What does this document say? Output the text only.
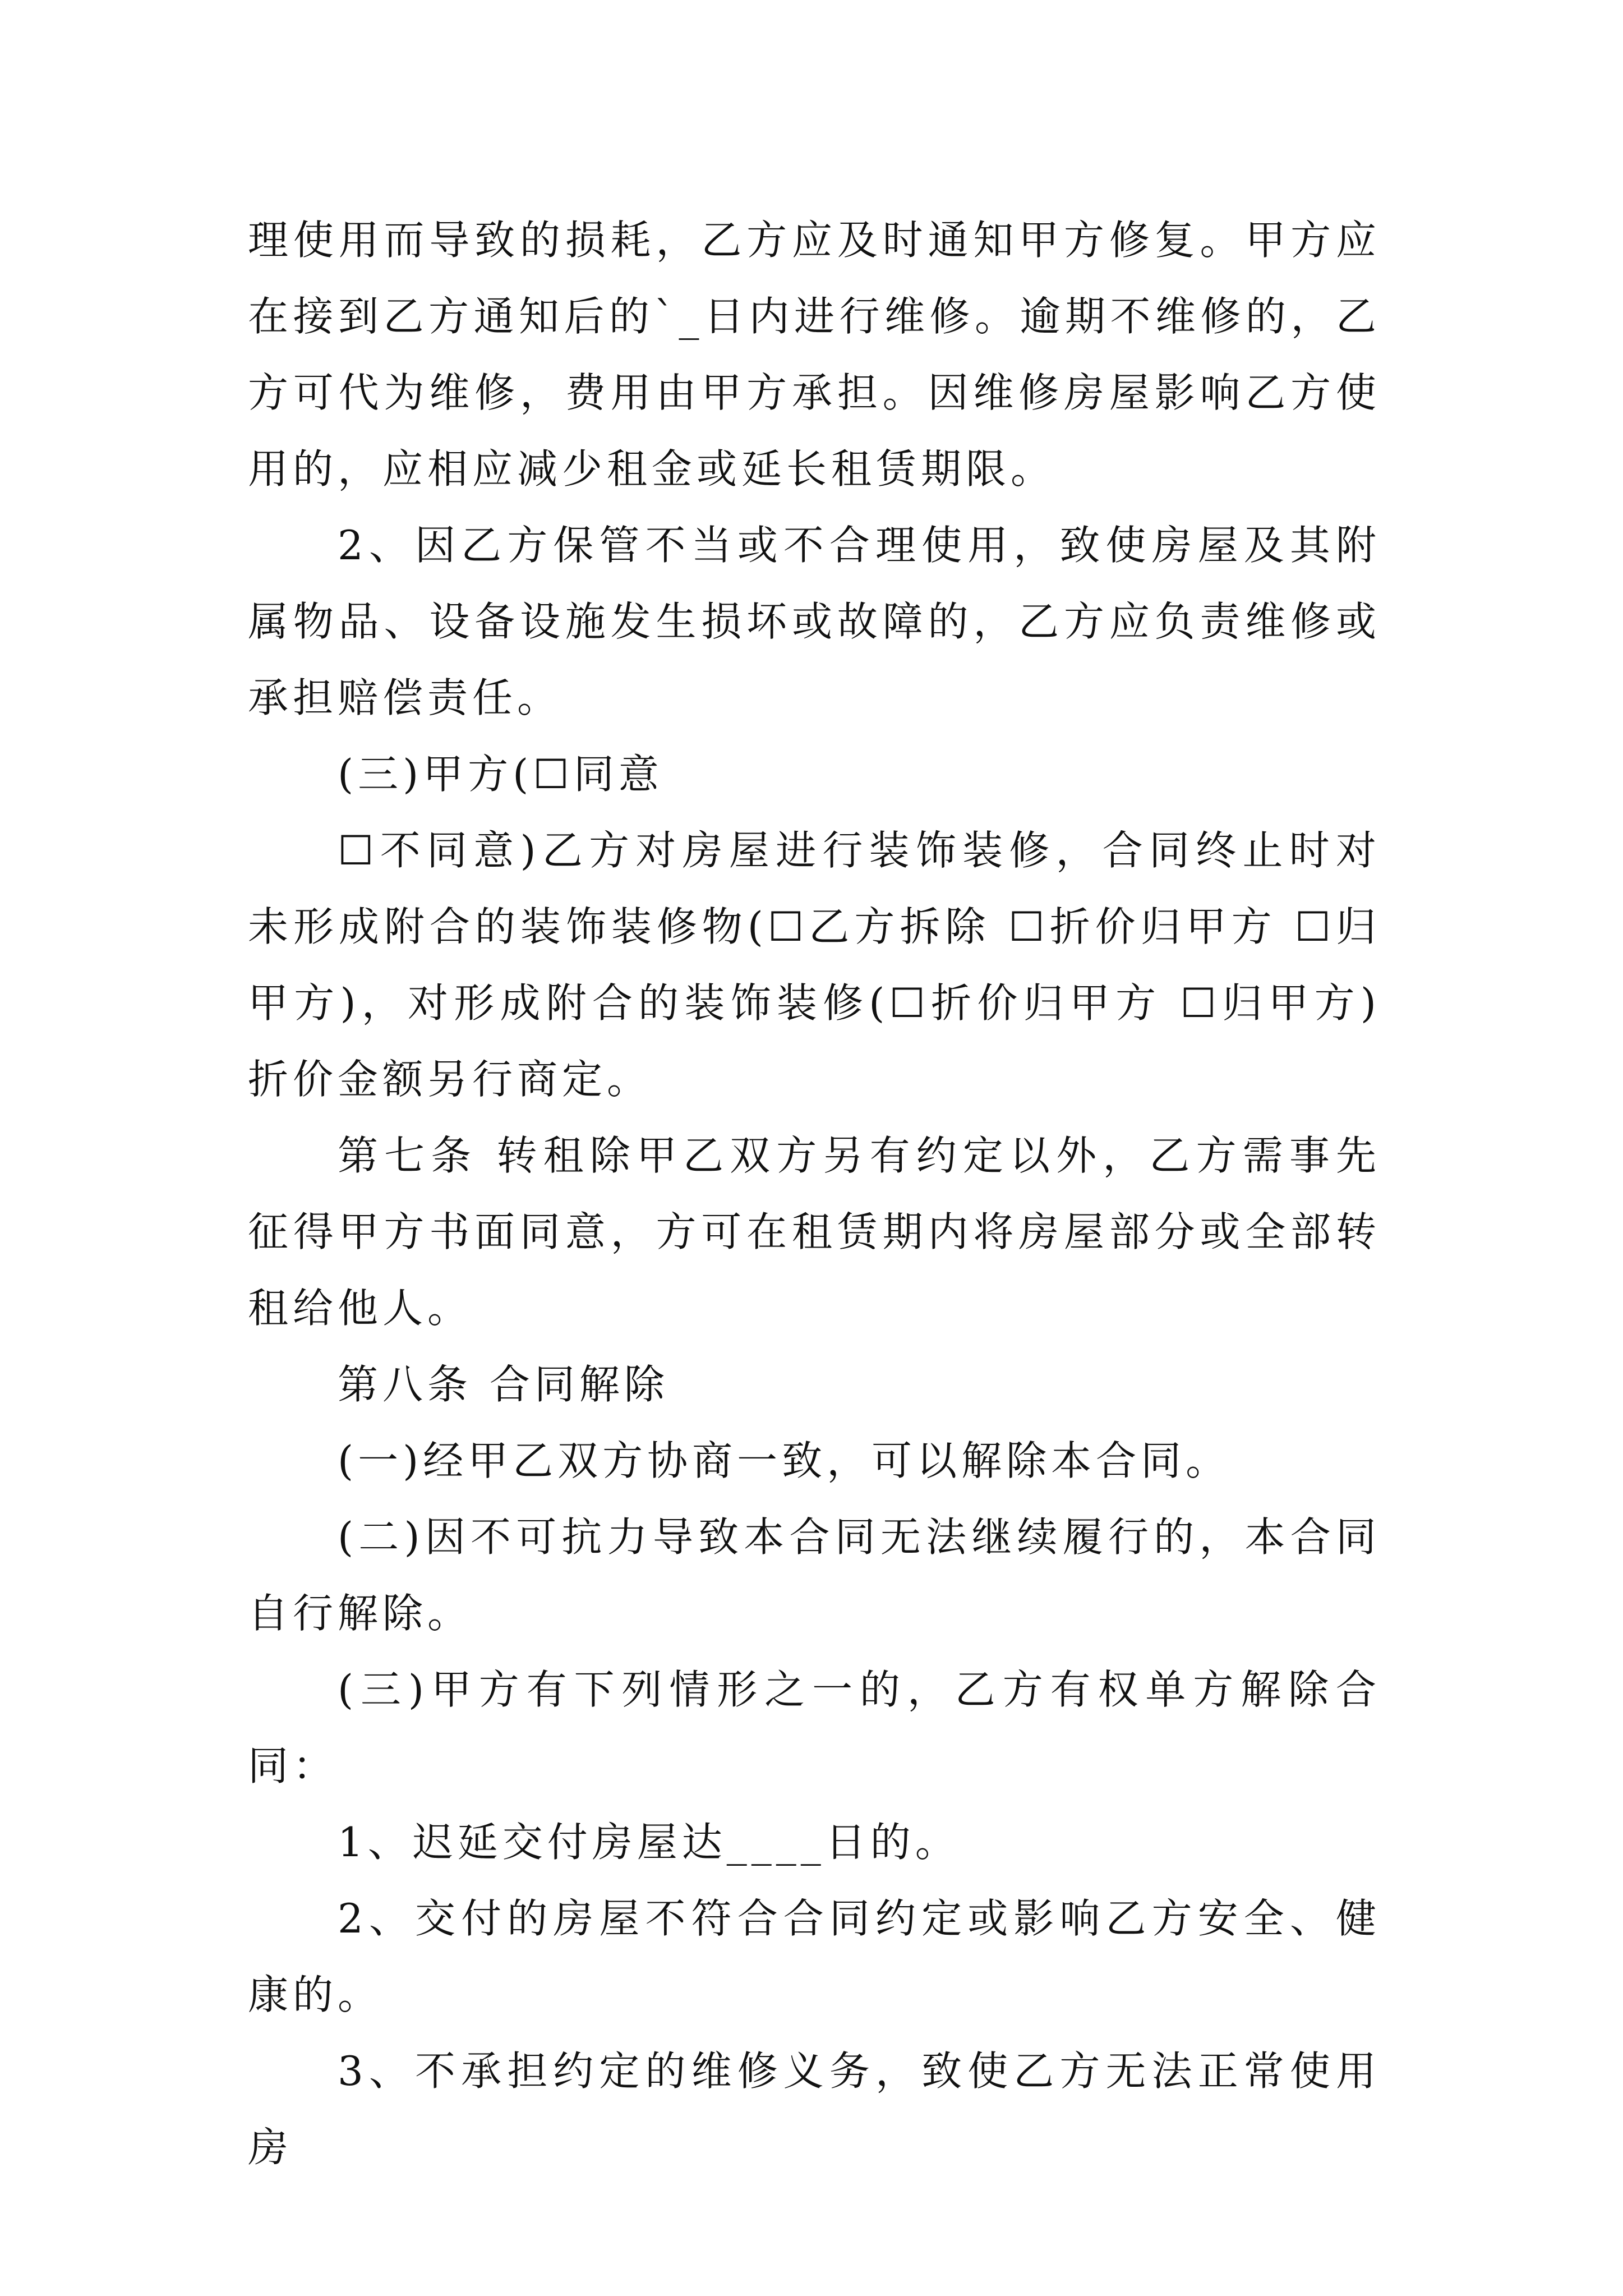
理使用而导致的损耗，乙方应及时通知甲方修复。甲方应在接到乙方通知后的`_日内进行维修。逾期不维修的，乙方可代为维修，费用由甲方承担。因维修房屋影响乙方使用的，应相应减少租金或延长租赁期限。

2、因乙方保管不当或不合理使用，致使房屋及其附属物品、设备设施发生损坏或故障的，乙方应负责维修或承担赔偿责任。

(三)甲方(☐同意

☐不同意)乙方对房屋进行装饰装修，合同终止时对未形成附合的装饰装修物(☐乙方拆除 ☐折价归甲方 ☐归甲方)，对形成附合的装饰装修(☐折价归甲方 ☐归甲方)折价金额另行商定。

第七条 转租除甲乙双方另有约定以外，乙方需事先征得甲方书面同意，方可在租赁期内将房屋部分或全部转租给他人。

第八条 合同解除

(一)经甲乙双方协商一致，可以解除本合同。

(二)因不可抗力导致本合同无法继续履行的，本合同自行解除。

(三)甲方有下列情形之一的，乙方有权单方解除合同：

1、迟延交付房屋达____日的。

2、交付的房屋不符合合同约定或影响乙方安全、健康的。

3、不承担约定的维修义务，致使乙方无法正常使用房
